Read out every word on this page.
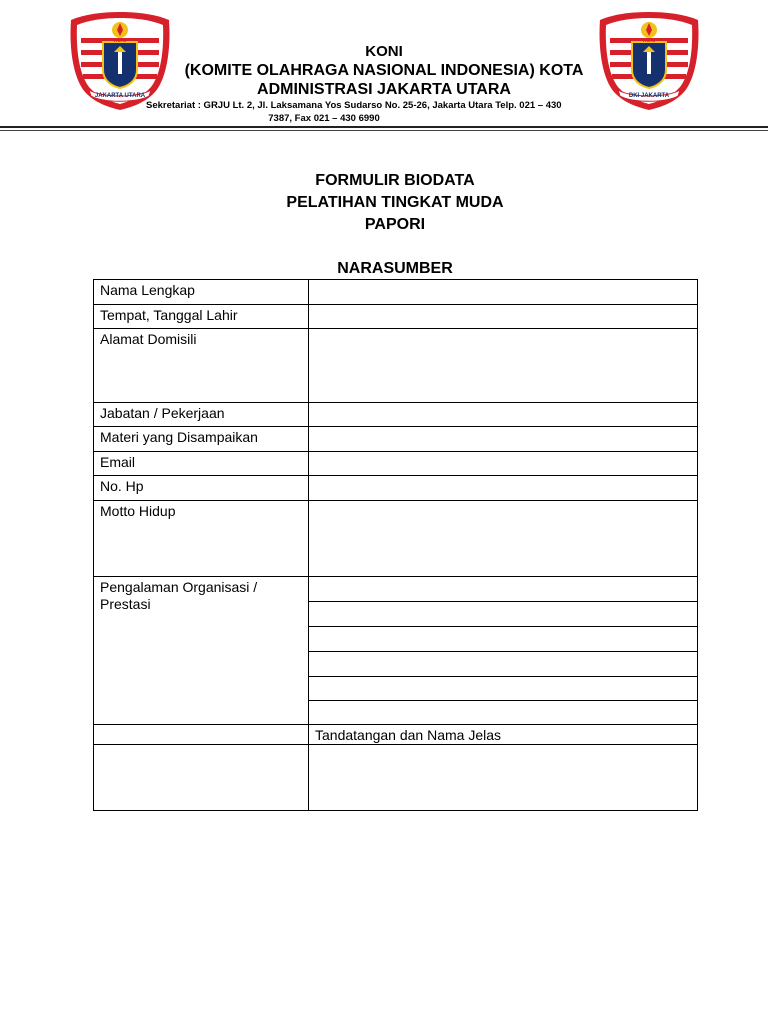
KONI
JAKARTA UTARA
KONI
DKI JAKARTA
KONI
(KOMITE OLAHRAGA NASIONAL INDONESIA) KOTA
ADMINISTRASI JAKARTA UTARA
Sekretariat : GRJU Lt. 2, Jl. Laksamana Yos Sudarso No. 25-26, Jakarta Utara Telp. 021 – 430
7387, Fax 021 – 430 6990
FORMULIR BIODATA
PELATIHAN TINGKAT MUDA
PAPORI
NARASUMBER
Nama Lengkap	
Tempat, Tanggal Lahir	
Alamat Domisili	
Jabatan / Pekerjaan	
Materi yang Disampaikan	
Email	
No. Hp	
Motto Hidup	
Pengalaman Organisasi / Prestasi	

	Tandatangan dan Nama Jelas
